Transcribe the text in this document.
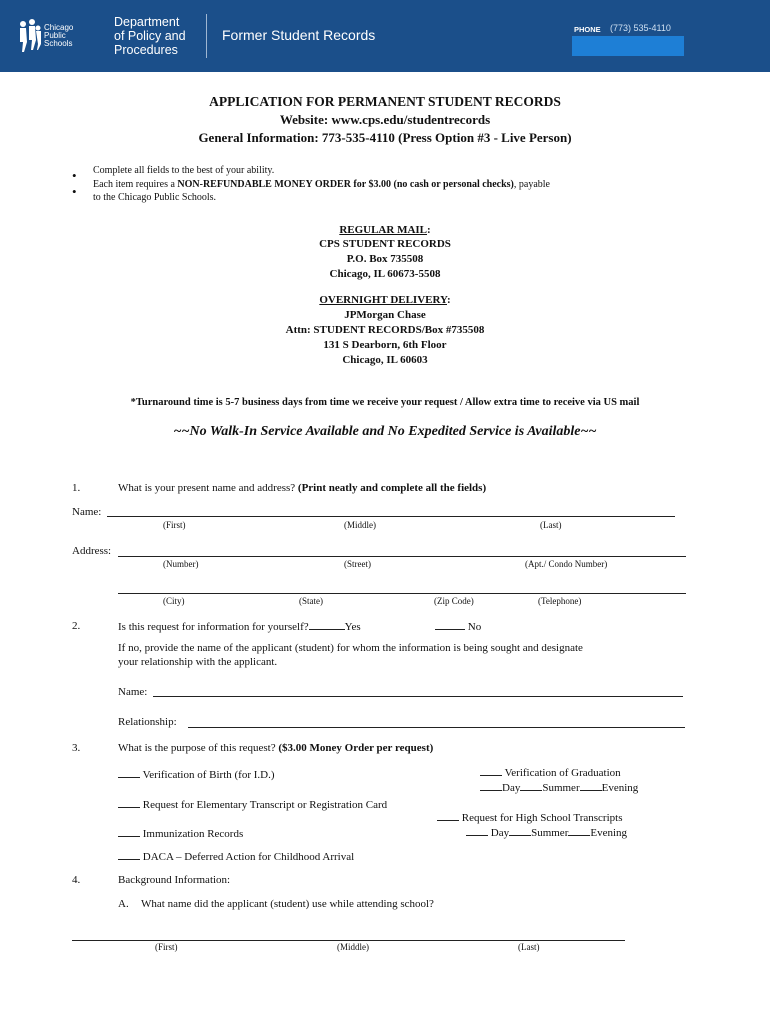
Chicago
Public
Schools
Department
of Policy and
Procedures
Former Student Records	PHONE (773) 535-4110
APPLICATION FOR PERMANENT STUDENT RECORDS
Website: www.cps.edu/studentrecords
General Information: 773-535-4110 (Press Option #3 - Live Person)
•
•
Complete all fields to the best of your ability.
Each item requires a NON-REFUNDABLE MONEY ORDER for $3.00 (no cash or personal checks), payable
to the Chicago Public Schools.
REGULAR MAIL:
CPS STUDENT RECORDS
P.O. Box 735508
Chicago, IL 60673-5508
OVERNIGHT DELIVERY:
JPMorgan Chase
Attn: STUDENT RECORDS/Box #735508
131 S Dearborn, 6th Floor
Chicago, IL 60603
*Turnaround time is 5-7 business days from time we receive your request / Allow extra time to receive via US mail
~~No Walk-In Service Available and No Expedited Service is Available~~
1.	What is your present name and address? (Print neatly and complete all the fields)
Name:
(First)	(Middle)	(Last)
Address:
(Number)	(Street)	(Apt./ Condo Number)
(City)	(State)	(Zip Code)	(Telephone)
2.	Is this request for information for yourself?	Yes	No
If no, provide the name of the applicant (student) for whom the information is being sought and designate
your relationship with the applicant.
Name:
Relationship:
3.	What is the purpose of this request? ($3.00 Money Order per request)
Verification of Birth (for I.D.)
Request for Elementary Transcript or Registration Card
Immunization Records
DACA – Deferred Action for Childhood Arrival
Verification of Graduation
Day Summer Evening
Request for High School Transcripts
Day Summer Evening
4.	Background Information:
A. What name did the applicant (student) use while attending school?
(First)	(Middle)	(Last)
